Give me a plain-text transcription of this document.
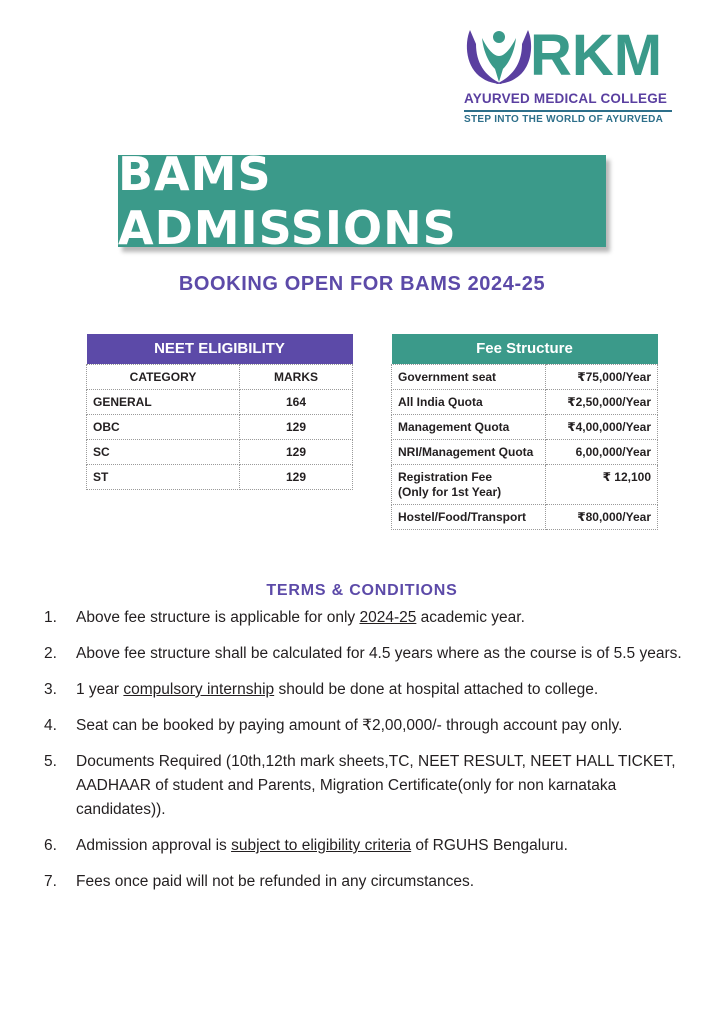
RKM
AYURVED MEDICAL COLLEGE
STEP INTO THE WORLD OF AYURVEDA
BAMS ADMISSIONS
BOOKING OPEN FOR BAMS 2024-25
NEET ELIGIBILITY	
CATEGORY	MARKS
GENERAL	164
OBC	129
SC	129
ST	129
Fee Structure	
Government seat	₹75,000/Year
All India Quota	₹2,50,000/Year
Management Quota	₹4,00,000/Year
NRI/Management Quota	6,00,000/Year

Registration Fee
(Only for 1st Year)	₹ 12,100
Hostel/Food/Transport	₹80,000/Year
TERMS & CONDITIONS
1. Above fee structure is applicable for only 2024-25 academic year.
2. Above fee structure shall be calculated for 4.5 years where as the course is of 5.5 years.
3. 1 year compulsory internship should be done at hospital attached to college.
4. Seat can be booked by paying amount of ₹2,00,000/- through account pay only.
5. Documents Required (10th,12th mark sheets,TC, NEET RESULT, NEET HALL TICKET, AADHAAR of student and Parents, Migration Certificate(only for non karnataka candidates)).
6. Admission approval is subject to eligibility criteria of RGUHS Bengaluru.
7. Fees once paid will not be refunded in any circumstances.
